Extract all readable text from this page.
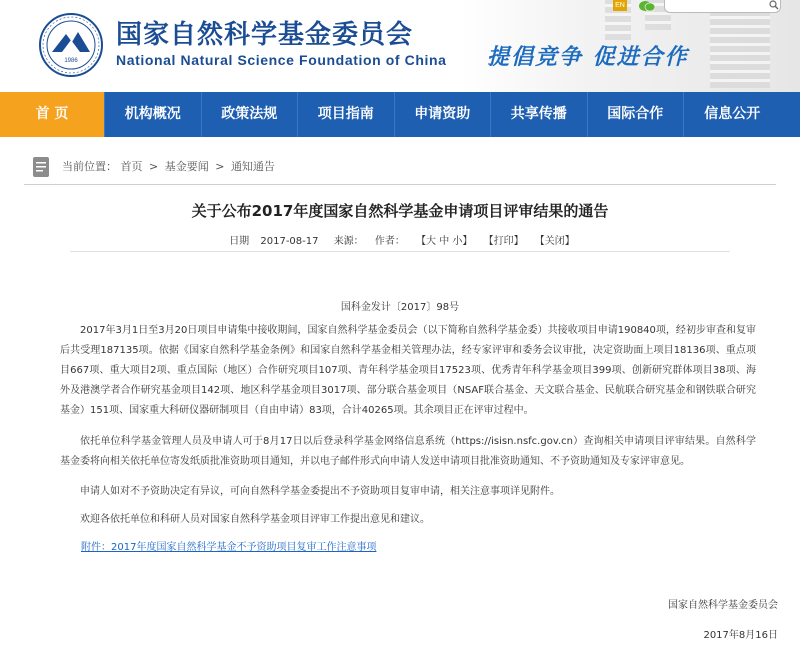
1986
国家自然科学基金委员会
National Natural Science Foundation of China 提倡竞争 促进合作
EN
首 页	机构概况	政策法规	项目指南	申请资助	共享传播	国际合作	信息公开
当前位置： 首页 > 基金要闻 > 通知通告
关于公布2017年度国家自然科学基金申请项目评审结果的通告
日期 2017-08-17 来源： 作者： 【大 中 小】 【打印】 【关闭】
国科金发计〔2017〕98号

2017年3月1日至3月20日项目申请集中接收期间，国家自然科学基金委员会（以下简称自然科学基金委）共接收项目申请190840项，经初步审查和复审后共受理187135项。依据《国家自然科学基金条例》和国家自然科学基金相关管理办法，经专家评审和委务会议审批，决定资助面上项目18136项、重点项目667项、重大项目2项、重点国际（地区）合作研究项目107项、青年科学基金项目17523项、优秀青年科学基金项目399项、创新研究群体项目38项、海外及港澳学者合作研究基金项目142项、地区科学基金项目3017项、部分联合基金项目（NSAF联合基金、天文联合基金、民航联合研究基金和钢铁联合研究基金）151项、国家重大科研仪器研制项目（自由申请）83项，合计40265项。其余项目正在评审过程中。

依托单位科学基金管理人员及申请人可于8月17日以后登录科学基金网络信息系统（https://isisn.nsfc.gov.cn）查询相关申请项目评审结果。自然科学基金委将向相关依托单位寄发纸质批准资助项目通知，并以电子邮件形式向申请人发送申请项目批准资助通知、不予资助通知及专家评审意见。

申请人如对不予资助决定有异议，可向自然科学基金委提出不予资助项目复审申请，相关注意事项详见附件。

欢迎各依托单位和科研人员对国家自然科学基金项目评审工作提出意见和建议。

附件：2017年度国家自然科学基金不予资助项目复审工作注意事项
国家自然科学基金委员会
2017年8月16日
